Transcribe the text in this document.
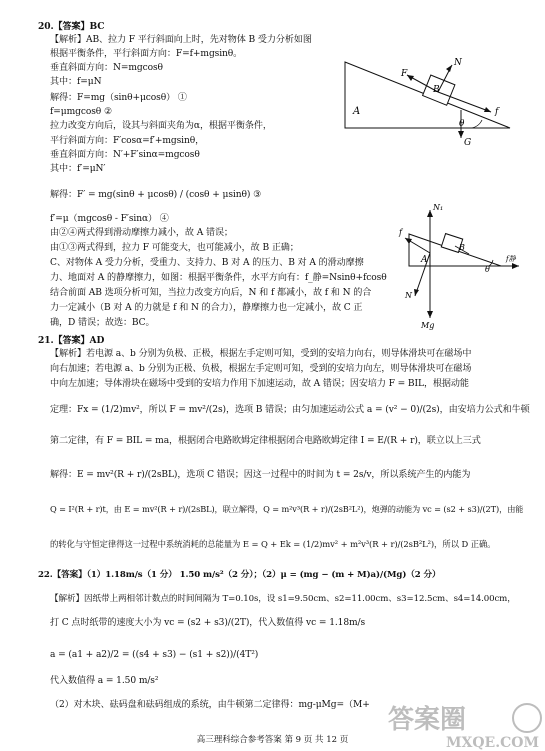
20.【答案】BC
【解析】AB、拉力 F 平行斜面向上时，先对物体 B 受力分析如图
根据平衡条件，平行斜面方向：F=f+mgsinθ。
垂直斜面方向：N=mgcosθ
其中：f=μN
解得：F=mg（sinθ+μcosθ） ①
f=μmgcosθ ②
拉力改变方向后，设其与斜面夹角为α，根据平衡条件，
平行斜面方向：F′cosα=f′+mgsinθ，
垂直斜面方向：N′+F′sinα=mgcosθ
其中：f′=μN′
解得：F′ = mg(sinθ + μcosθ) / (cosθ + μsinθ) ③
f′=μ（mgcosθ - F′sinα） ④
由②④两式得到滑动摩擦力减小，故 A 错误；
由①③两式得到，拉力 F 可能变大，也可能减小，故 B 正确；
C、对物体 A 受力分析，受重力、支持力、B 对 A 的压力、B 对 A 的滑动摩擦
力、地面对 A 的静摩擦力，如图：根据平衡条件，水平方向有：f_静=Nsinθ+fcosθ
结合前面 AB 选项分析可知，当拉力改变方向后，N 和 f 都减小，故 f 和 N 的合
力一定减小（B 对 A 的力就是 f 和 N 的合力），静摩擦力也一定减小，故 C 正
确，D 错误；故选：BC。
F
N
B
A	f
θ
G
N₁
f
N
B
A
θ
f静
Mg
21.【答案】AD
【解析】若电源 a、b 分别为负极、正极，根据左手定则可知，受到的安培力向右，则导体滑块可在磁场中
向右加速；若电源 a、b 分别为正极、负极，根据左手定则可知，受到的安培力向左，则导体滑块可在磁场
中向左加速；导体滑块在磁场中受到的安培力作用下加速运动，故 A 错误；因安培力 F = BIL，根据动能
定理：Fx = (1/2)mv²，所以 F = mv²/(2s)，选项 B 错误；由匀加速运动公式 a = (v² − 0)/(2s)，由安培力公式和牛顿
第二定律，有 F = BIL = ma，根据闭合电路欧姆定律根据闭合电路欧姆定律 I = E/(R + r)，联立以上三式
解得：E = mv²(R + r)/(2sBL)，选项 C 错误；因这一过程中的时间为 t = 2s/v，所以系统产生的内能为
Q = I²(R + r)t，由 E = mv²(R + r)/(2sBL)，联立解得，Q = m²v³(R + r)/(2sB²L²)，炮弹的动能为 vc = (s2 + s3)/(2T)，由能
的转化与守恒定律得这一过程中系统消耗的总能量为 E = Q + Ek = (1/2)mv² + m²v³(R + r)/(2sB²L²)，所以 D 正确。
22.【答案】（1）1.18m/s（1 分） 1.50 m/s²（2 分）；（2）μ = (mg − (m + M)a)/(Mg)（2 分）
【解析】因纸带上两相邻计数点的时间间隔为 T=0.10s，设 s1=9.50cm、s2=11.00cm、s3=12.5cm、s4=14.00cm，
打 C 点时纸带的速度大小为 vc = (s2 + s3)/(2T)，代入数值得 vc = 1.18m/s
a = (a1 + a2)/2 = ((s4 + s3) − (s1 + s2))/(4T²)
代入数值得 a = 1.50 m/s²
（2）对木块、砝码盘和砝码组成的系统，由牛顿第二定律得：mg-μMg=（M+ 答案圈
MXQE.COM
高三理科综合参考答案 第 9 页 共 12 页
